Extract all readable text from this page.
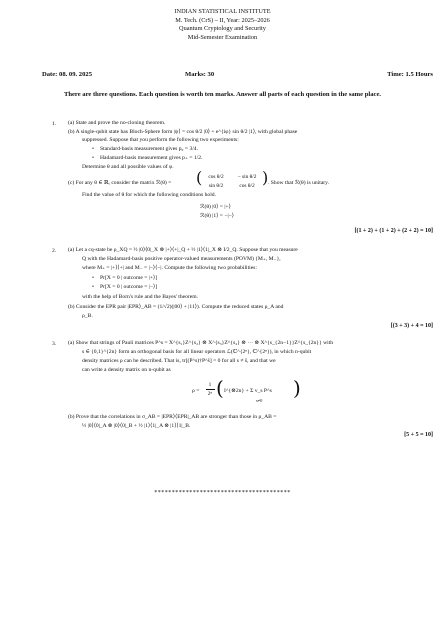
INDIAN STATISTICAL INSTITUTE
M. Tech. (CrS) – II, Year: 2025–2026
Quantum Cryptology and Security
Mid-Semester Examination
Date: 08. 09. 2025	Marks: 30	Time: 1.5 Hours
There are three questions. Each question is worth ten marks. Answer all parts of each question in the same place.
1. (a) State and prove the no-cloning theorem.
(b) A single-qubit state has Bloch-Sphere form |ψ⟩ = cos θ/2 |0⟩ + e^{iφ} sin θ/2 |1⟩, with global phase
suppressed. Suppose that you perform the following two experiments:
• Standard-basis measurement gives p₀ = 3/4.
• Hadamard-basis measurement gives p₊ = 1/2.
Determine θ and all possible values of φ.
(c) For any θ ∈ ℝ, consider the matrix ℛ(θ) = (	cos θ/2	− sin θ/2
sin θ/2	cos θ/2 ) . Show that ℛ(θ) is unitary.
Find the value of θ for which the following conditions hold.
ℛ(θ) |0⟩ = |+⟩
ℛ(θ) |1⟩ = −|−⟩
[(1 + 2) + (1 + 2) + (2 + 2) = 10]
2. (a) Let a cq-state be ρ_XQ = ½ |0⟩⟨0|_X ⊗ |+⟩⟨+|_Q + ½ |1⟩⟨1|_X ⊗ I/2_Q. Suppose that you measure
Q with the Hadamard-basis positive operator-valued measurements (POVM) {M₊, M₋},
where M₊ = |+⟩⟨+| and M₋ = |−⟩⟨−|. Compute the following two probabilities:
• Pr[X = 0 | outcome = |+⟩]
• Pr[X = 0 | outcome = |−⟩]
with the help of Born's rule and the Bayes' theorem.
(b) Consider the EPR pair |EPR⟩_AB = (1/√2)(|00⟩ + |11⟩). Compute the reduced states ρ_A and
ρ_B.
[(3 + 3) + 4 = 10]
3. (a) Show that strings of Pauli matrices P^s = X^{s₁}Z^{s₂} ⊗ X^{s₃}Z^{s₄} ⊗ ··· ⊗ X^{s_{2n−1}}Z^{s_{2n}} with
s ∈ {0,1}^{2n} form an orthogonal basis for all linear operators ℒ(ℂ^{2ⁿ}, ℂ^{2ⁿ}), in which n-qubit
density matrices ρ can be described. That is, tr[(P^s)†P^ŝ] = 0 for all s ≠ ŝ, and that we
can write a density matrix on n-qubit as
ρ =
1
2ⁿ ( I^{⊗2n} + Σ v_s P^s
s≠0
)
(b) Prove that the correlations in σ_AB = |EPR⟩⟨EPR|_AB are stronger than those in ρ_AB =
½ |0⟩⟨0|_A ⊗ |0⟩⟨0|_B + ½ |1⟩⟨1|_A ⊗ |1⟩⟨1|_B.
[5 + 5 = 10]
***************************************
